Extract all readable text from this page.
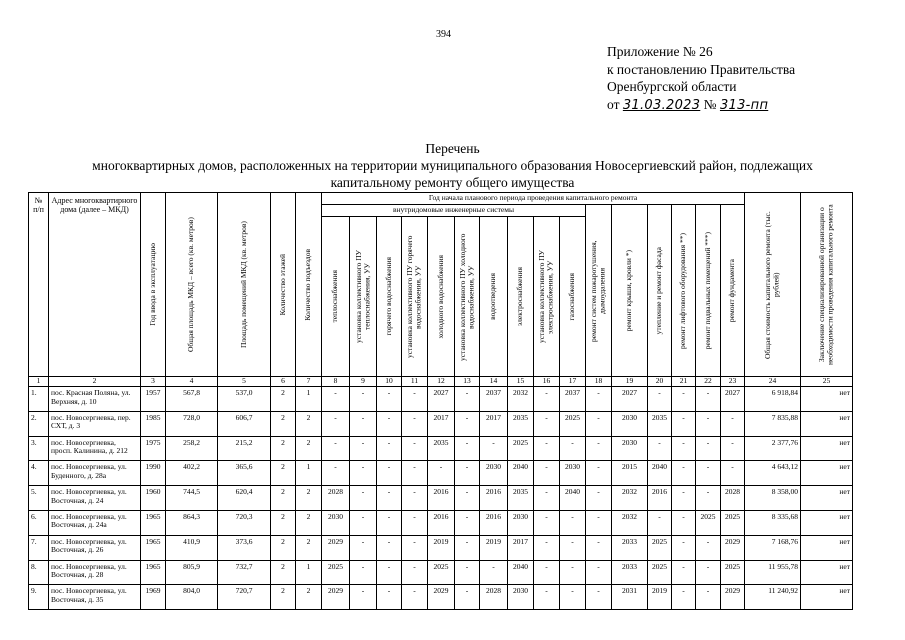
394
Приложение № 26
к постановлению Правительства
Оренбургской области
от 31.03.2023 № 313-пп
Перечень
многоквартирных домов, расположенных на территории муниципального образования Новосергиевский район, подлежащих
капитальному ремонту общего имущества
№ п/п	Адрес многоквартирного дома (далее – МКД)	Год ввода в эксплуатацию	Общая площадь МКД – всего (кв. метров)	Площадь помещений МКД (кв. метров)	Количество этажей	Количество подъездов	Год начала планового периода проведения капитального ремонта																Общая стоимость капитального ремонта (тыс. рублей)	Заключение специализированной организации о необходимости проведения капитального ремонта

							внутридомовые инженерные системы										ремонт систем пожаротушения, дымоудаления	ремонт крыши, кровли *)	утепление и ремонт фасада	ремонт лифтового оборудования **)	ремонт подвальных помещений ***)	ремонт фундамента		

							теплоснабжения	установка коллективного ПУ теплоснабжения, УУ	горячего водоснабжения	установка коллективного ПУ горячего водоснабжения, УУ	холодного водоснабжения	установка коллективного ПУ холодного водоснабжения, УУ	водоотведения	электроснабжения	установка коллективного ПУ электроснабжения, УУ	газоснабжения								

1	2	3	4	5	6	7	8	9	10	11	12	13	14	15	16	17	18	19	20	21	22	23	24	25
1.	пос. Красная Поляна, ул. Верхняя, д. 10	1957	567,8	537,0	2	1	-	-	-	-	2027	-	2037	2032	-	2037	-	2027	-	-	-	2027	6 918,84	нет
2.	пос. Новосергиевка, пер. СХТ, д. 3	1985	728,0	606,7	2	2	-	-	-	-	2017	-	2017	2035	-	2025	-	2030	2035	-	-	-	7 835,88	нет
3.	пос. Новосергиевка, просп. Калинина, д. 212	1975	258,2	215,2	2	2	-	-	-	-	2035	-	-	2025	-	-	-	2030	-	-	-	-	2 377,76	нет
4.	пос. Новосергиевка, ул. Буденного, д. 28а	1990	402,2	365,6	2	1	-	-	-	-	-	-	2030	2040	-	2030	-	2015	2040	-	-	-	4 643,12	нет
5.	пос. Новосергиевка, ул. Восточная, д. 24	1960	744,5	620,4	2	2	2028	-	-	-	2016	-	2016	2035	-	2040	-	2032	2016	-	-	2028	8 358,00	нет
6.	пос. Новосергиевка, ул. Восточная, д. 24а	1965	864,3	720,3	2	2	2030	-	-	-	2016	-	2016	2030	-	-	-	2032	-	-	2025	2025	8 335,68	нет
7.	пос. Новосергиевка, ул. Восточная, д. 26	1965	410,9	373,6	2	2	2029	-	-	-	2019	-	2019	2017	-	-	-	2033	2025	-	-	2029	7 168,76	нет
8.	пос. Новосергиевка, ул. Восточная, д. 28	1965	805,9	732,7	2	1	2025	-	-	-	2025	-	-	2040	-	-	-	2033	2025	-	-	2025	11 955,78	нет
9.	пос. Новосергиевка, ул. Восточная, д. 35	1969	804,0	720,7	2	2	2029	-	-	-	2029	-	2028	2030	-	-	-	2031	2019	-	-	2029	11 240,92	нет
